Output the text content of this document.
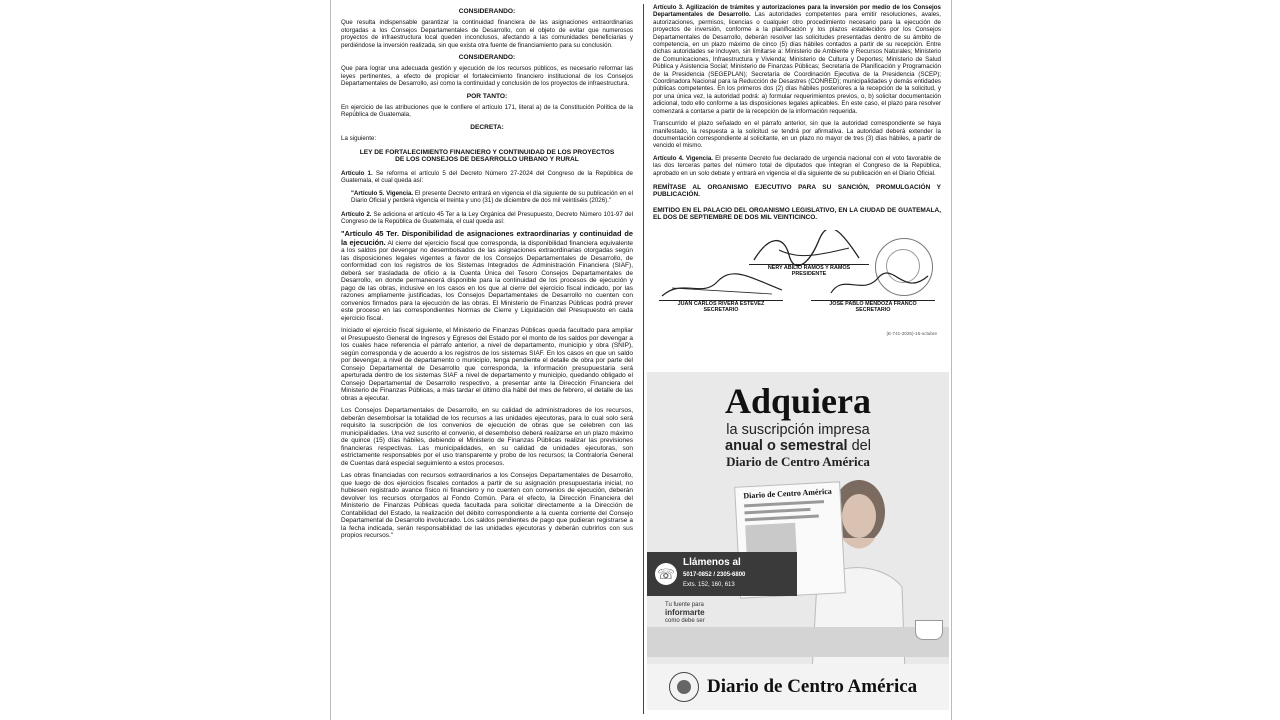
CONSIDERANDO:

Que resulta indispensable garantizar la continuidad financiera de las asignaciones extraordinarias otorgadas a los Consejos Departamentales de Desarrollo, con el objeto de evitar que numerosos proyectos de infraestructura local queden inconclusos, afectando a las comunidades beneficiarias y perdiéndose la inversión realizada, sin que exista otra fuente de financiamiento para su conclusión.

CONSIDERANDO:

Que para lograr una adecuada gestión y ejecución de los recursos públicos, es necesario reformar las leyes pertinentes, a efecto de propiciar el fortalecimiento financiero institucional de los Consejos Departamentales de Desarrollo, así como la continuidad y conclusión de los proyectos de infraestructura.

POR TANTO:

En ejercicio de las atribuciones que le confiere el artículo 171, literal a) de la Constitución Política de la República de Guatemala,

DECRETA:

La siguiente:

LEY DE FORTALECIMIENTO FINANCIERO Y CONTINUIDAD DE LOS PROYECTOS DE LOS CONSEJOS DE DESARROLLO URBANO Y RURAL

Artículo 1. Se reforma el artículo 5 del Decreto Número 27-2024 del Congreso de la República de Guatemala, el cual queda así:

"Artículo 5. Vigencia. El presente Decreto entrará en vigencia el día siguiente de su publicación en el Diario Oficial y perderá vigencia el treinta y uno (31) de diciembre de dos mil veintiséis (2026)."

Artículo 2. Se adiciona el artículo 45 Ter a la Ley Orgánica del Presupuesto, Decreto Número 101-97 del Congreso de la República de Guatemala, el cual queda así:

"Artículo 45 Ter. Disponibilidad de asignaciones extraordinarias y continuidad de la ejecución. Al cierre del ejercicio fiscal que corresponda, la disponibilidad financiera equivalente a los saldos por devengar no desembolsados de las asignaciones extraordinarias otorgadas según las disposiciones legales vigentes a favor de los Consejos Departamentales de Desarrollo, de conformidad con los registros de los Sistemas Integrados de Administración Financiera (SIAF), deberá ser trasladada de oficio a la Cuenta Única del Tesoro Consejos Departamentales de Desarrollo, en donde permanecerá disponible para la continuidad de los procesos de ejecución y pago de las obras, inclusive en los casos en los que al cierre del ejercicio fiscal indicado, por las razones ampliamente justificadas, los Consejos Departamentales de Desarrollo no cuenten con convenios firmados para la ejecución de las obras. El Ministerio de Finanzas Públicas podrá prever este proceso en las correspondientes Normas de Cierre y Liquidación del Presupuesto en cada ejercicio fiscal.

Iniciado el ejercicio fiscal siguiente, el Ministerio de Finanzas Públicas queda facultado para ampliar el Presupuesto General de Ingresos y Egresos del Estado por el monto de los saldos por devengar a los cuales hace referencia el párrafo anterior, a nivel de departamento, municipio y obra (SNIP), según corresponda y de acuerdo a los registros de los sistemas SIAF. En los casos en que un saldo por devengar, a nivel de departamento o municipio, tenga pendiente el detalle de obra por parte del Consejo Departamental de Desarrollo que corresponda, la información presupuestaria será aperturada dentro de los sistemas SIAF a nivel de departamento y municipio, quedando obligado el Consejo Departamental de Desarrollo respectivo, a presentar ante la Dirección Financiera del Ministerio de Finanzas Públicas, a más tardar el último día hábil del mes de febrero, el detalle de las obras a ejecutar.

Los Consejos Departamentales de Desarrollo, en su calidad de administradores de los recursos, deberán desembolsar la totalidad de los recursos a las unidades ejecutoras, para lo cual solo será requisito la suscripción de los convenios de ejecución de obras que se celebren con las municipalidades. Una vez suscrito el convenio, el desembolso deberá realizarse en un plazo máximo de quince (15) días hábiles, debiendo el Ministerio de Finanzas Públicas realizar las previsiones financieras respectivas. Las municipalidades, en su calidad de unidades ejecutoras, son estrictamente responsables por el uso transparente y probo de los recursos; la Contraloría General de Cuentas dará especial seguimiento a estos procesos.

Las obras financiadas con recursos extraordinarios a los Consejos Departamentales de Desarrollo, que luego de dos ejercicios fiscales contados a partir de su asignación presupuestaria inicial, no hubiesen registrado avance físico ni financiero y no cuenten con convenios de ejecución, deberán devolver los recursos otorgados al Fondo Común. Para el efecto, la Dirección Financiera del Ministerio de Finanzas Públicas queda facultada para solicitar directamente a la Dirección de Contabilidad del Estado, la realización del débito correspondiente a la cuenta corriente del Consejo Departamental de Desarrollo involucrado. Los saldos pendientes de pago que pudieran registrarse a la fecha indicada, serán responsabilidad de las unidades ejecutoras y deberán cubrirlos con sus propios recursos."

Artículo 3. Agilización de trámites y autorizaciones para la inversión por medio de los Consejos Departamentales de Desarrollo. Las autoridades competentes para emitir resoluciones, avales, autorizaciones, permisos, licencias o cualquier otro procedimiento necesario para la ejecución de proyectos de inversión, conforme a la planificación y los plazos establecidos por los Consejos Departamentales de Desarrollo, deberán resolver las solicitudes presentadas dentro de su ámbito de competencia, en un plazo máximo de cinco (5) días hábiles contados a partir de su recepción. Entre dichas autoridades se incluyen, sin limitarse a: Ministerio de Ambiente y Recursos Naturales; Ministerio de Comunicaciones, Infraestructura y Vivienda; Ministerio de Cultura y Deportes; Ministerio de Salud Pública y Asistencia Social; Ministerio de Finanzas Públicas; Secretaría de Planificación y Programación de la Presidencia (SEGEPLAN); Secretaría de Coordinación Ejecutiva de la Presidencia (SCEP); Coordinadora Nacional para la Reducción de Desastres (CONRED); municipalidades y demás entidades públicas competentes. En los primeros dos (2) días hábiles posteriores a la recepción de la solicitud, y por una única vez, la autoridad podrá: a) formular requerimientos previos, o, b) solicitar documentación adicional, todo ello conforme a las disposiciones legales aplicables. En este caso, el plazo para resolver comenzará a contarse a partir de la recepción de la información requerida.

Transcurrido el plazo señalado en el párrafo anterior, sin que la autoridad correspondiente se haya manifestado, la respuesta a la solicitud se tendrá por afirmativa. La autoridad deberá extender la documentación correspondiente al solicitante, en un plazo no mayor de tres (3) días hábiles, a partir de vencido el mismo.

Artículo 4. Vigencia. El presente Decreto fue declarado de urgencia nacional con el voto favorable de las dos terceras partes del número total de diputados que integran el Congreso de la República, aprobado en un solo debate y entrará en vigencia el día siguiente de su publicación en el Diario Oficial.

REMÍTASE AL ORGANISMO EJECUTIVO PARA SU SANCIÓN, PROMULGACIÓN Y PUBLICACIÓN.
EMITIDO EN EL PALACIO DEL ORGANISMO LEGISLATIVO, EN LA CIUDAD DE GUATEMALA, EL DOS DE SEPTIEMBRE DE DOS MIL VEINTICINCO.
NERY ABILIO RAMOS Y RAMOS
PRESIDENTE
JUAN CARLOS RIVERA ESTÉVEZ
SECRETARIO
JOSÉ PABLO MENDOZA FRANCO
SECRETARIO
(E-741-2025)-16-octubre
Adquiera
la suscripción impresa
anual o semestral del
Diario de Centro América
Diario de Centro América
☏
Llámenos al
5017-0852 / 2305-6800
Exts. 152, 160, 613
Tu fuente para
informarte
como debe ser
Diario de Centro América
